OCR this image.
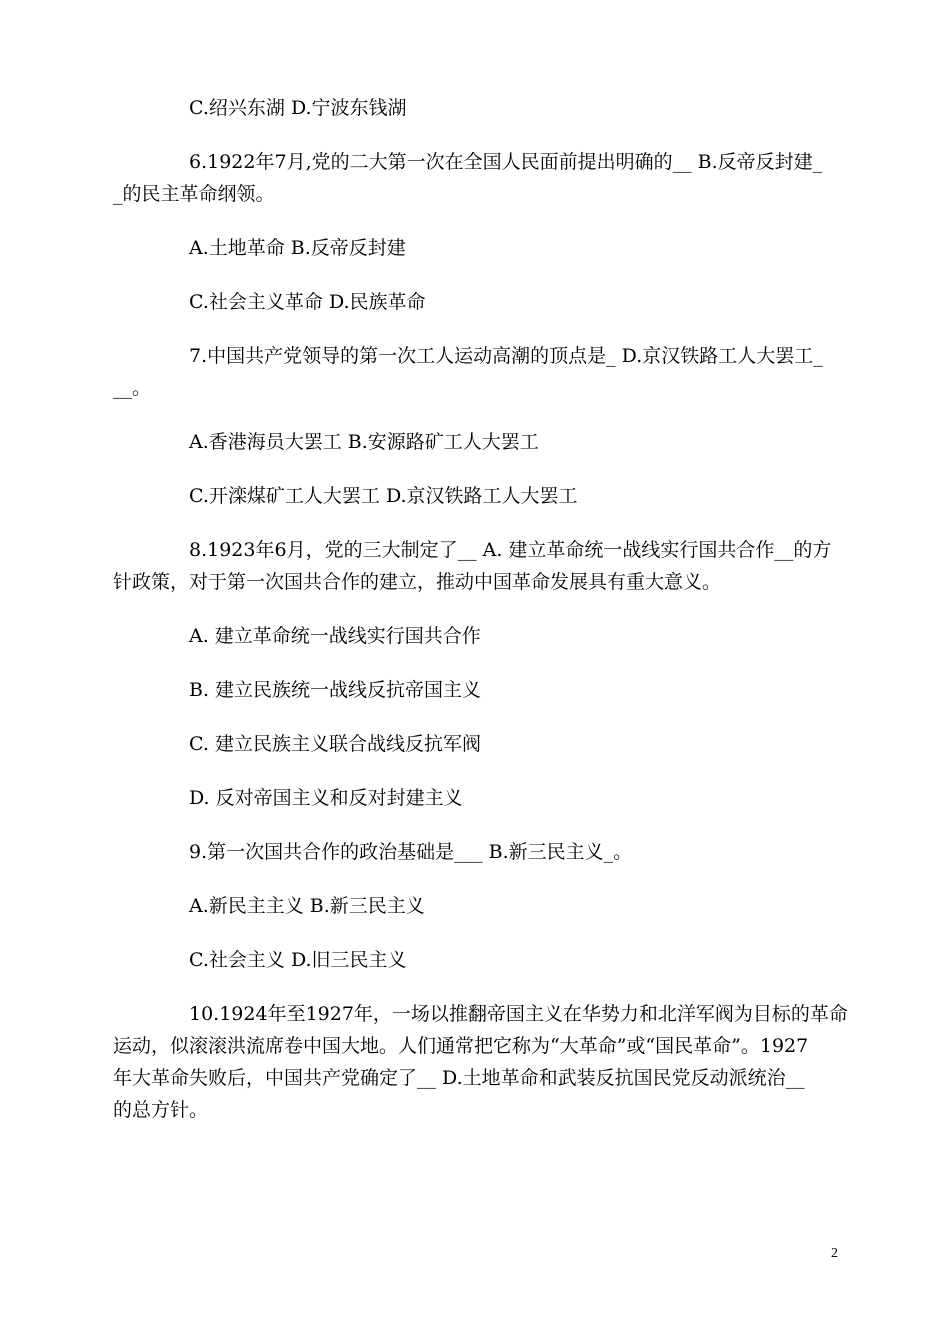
C.绍兴东湖 D.宁波东钱湖
6.1922年7月,党的二大第一次在全国人民面前提出明确的__ B.反帝反封建_
_的民主革命纲领。
A.土地革命 B.反帝反封建
C.社会主义革命 D.民族革命
7.中国共产党领导的第一次工人运动高潮的顶点是_ D.京汉铁路工人大罢工_
__。
A.香港海员大罢工 B.安源路矿工人大罢工
C.开滦煤矿工人大罢工 D.京汉铁路工人大罢工
8.1923年6月，党的三大制定了__ A. 建立革命统一战线实行国共合作__的方
针政策，对于第一次国共合作的建立，推动中国革命发展具有重大意义。
A. 建立革命统一战线实行国共合作
B. 建立民族统一战线反抗帝国主义
C. 建立民族主义联合战线反抗军阀
D. 反对帝国主义和反对封建主义
9.第一次国共合作的政治基础是___ B.新三民主义_。
A.新民主主义 B.新三民主义
C.社会主义 D.旧三民主义
10.1924年至1927年，一场以推翻帝国主义在华势力和北洋军阀为目标的革命
运动，似滚滚洪流席卷中国大地。人们通常把它称为“大革命”或“国民革命”。1927
年大革命失败后，中国共产党确定了__ D.土地革命和武装反抗国民党反动派统治__
的总方针。
2
